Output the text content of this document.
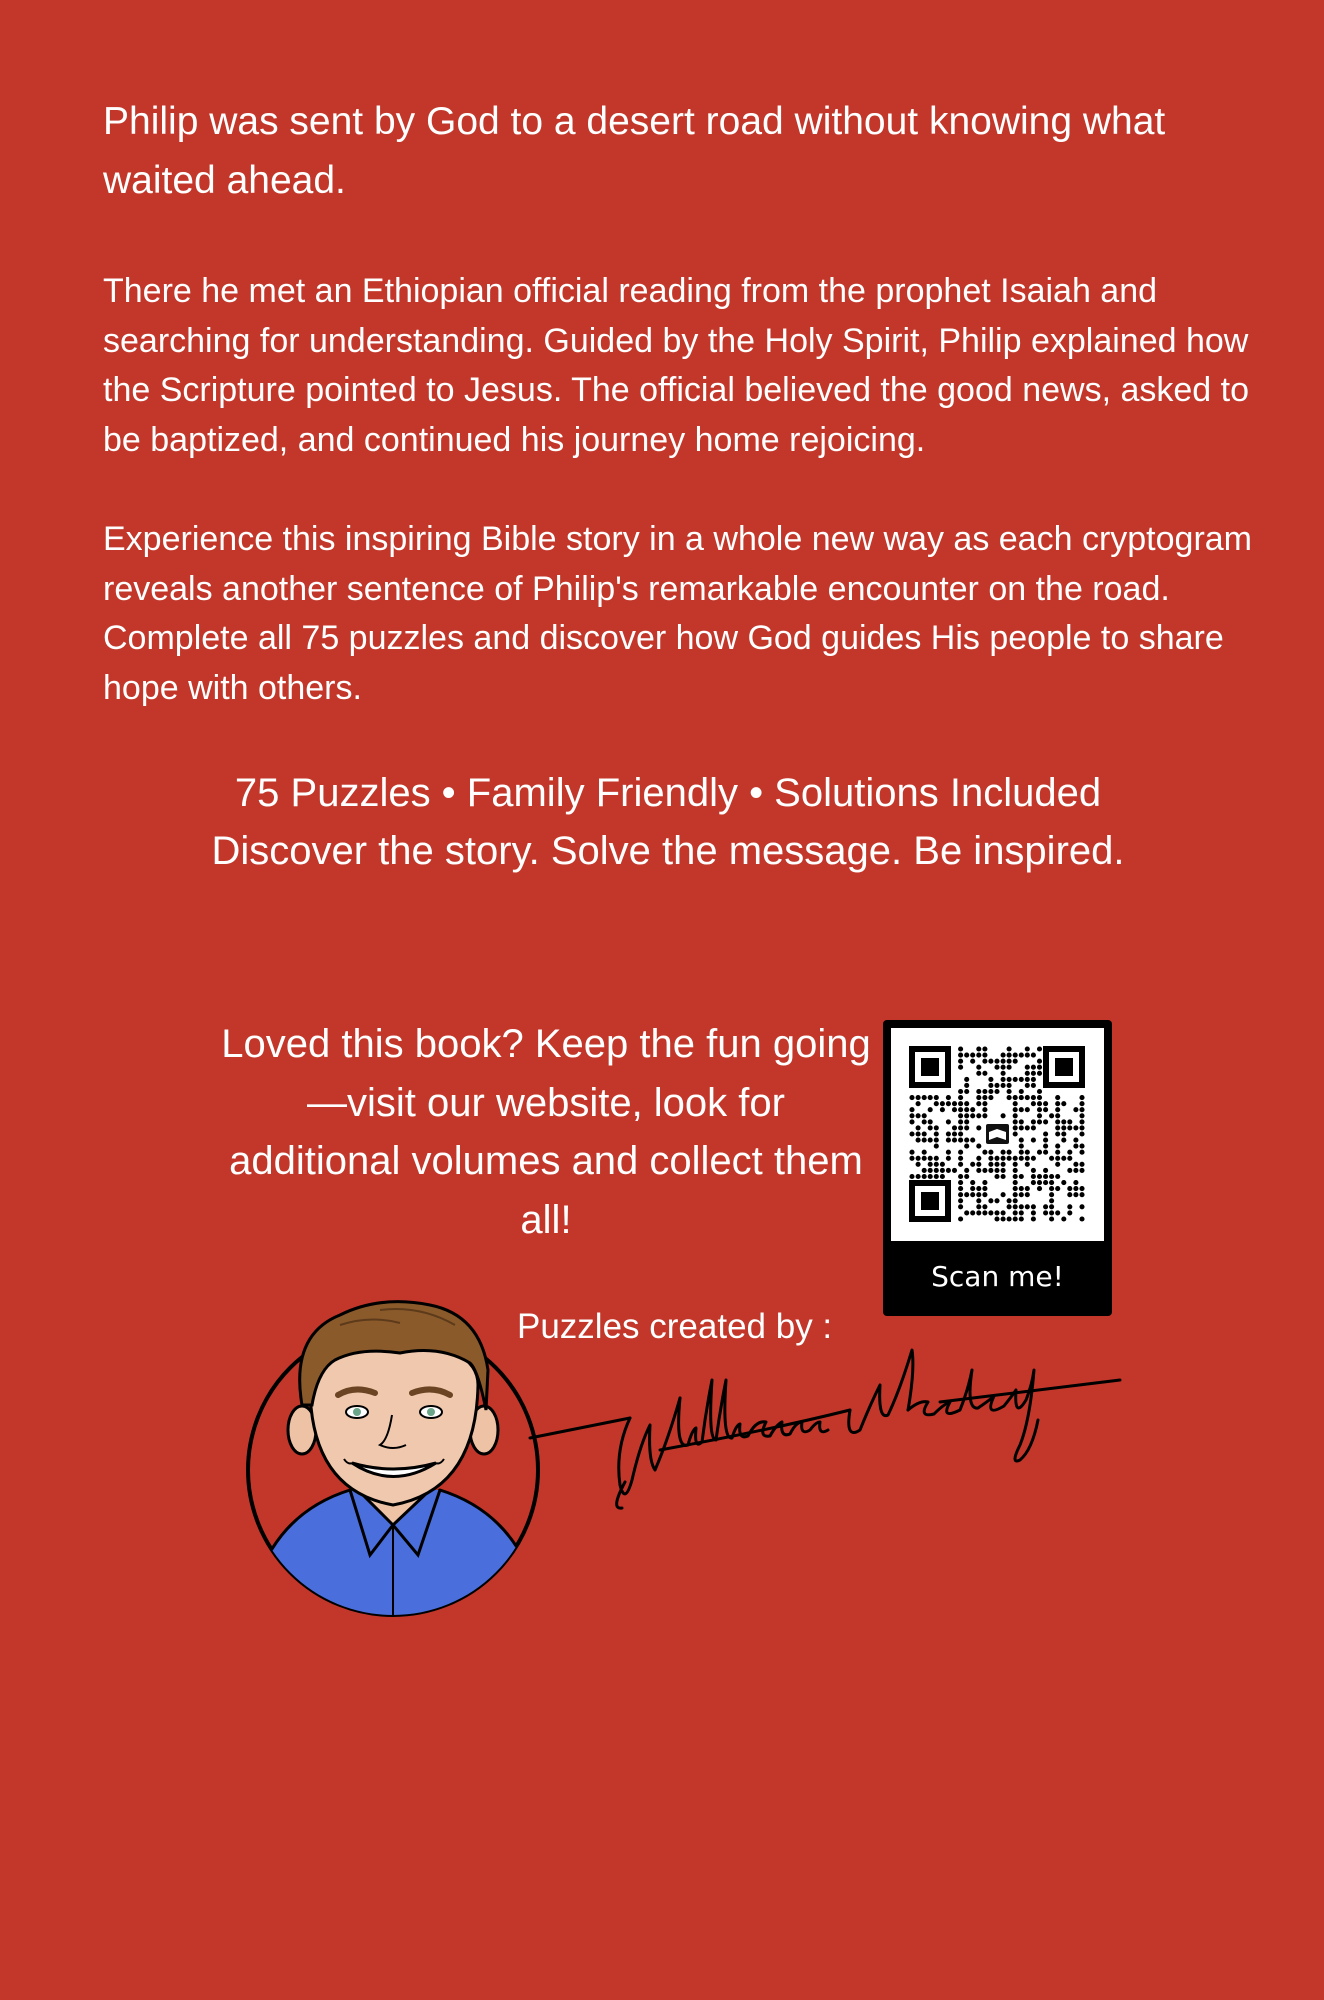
Philip was sent by God to a desert road without knowing what waited ahead.

There he met an Ethiopian official reading from the prophet Isaiah and searching for understanding. Guided by the Holy Spirit, Philip explained how the Scripture pointed to Jesus. The official believed the good news, asked to be baptized, and continued his journey home rejoicing.

Experience this inspiring Bible story in a whole new way as each cryptogram reveals another sentence of Philip's remarkable encounter on the road. Complete all 75 puzzles and discover how God guides His people to share hope with others.

75 Puzzles • Family Friendly • Solutions Included

Discover the story. Solve the message. Be inspired.

Loved this book? Keep the fun going—visit our website, look for additional volumes and collect them all!

Scan me!

Puzzles created by :
